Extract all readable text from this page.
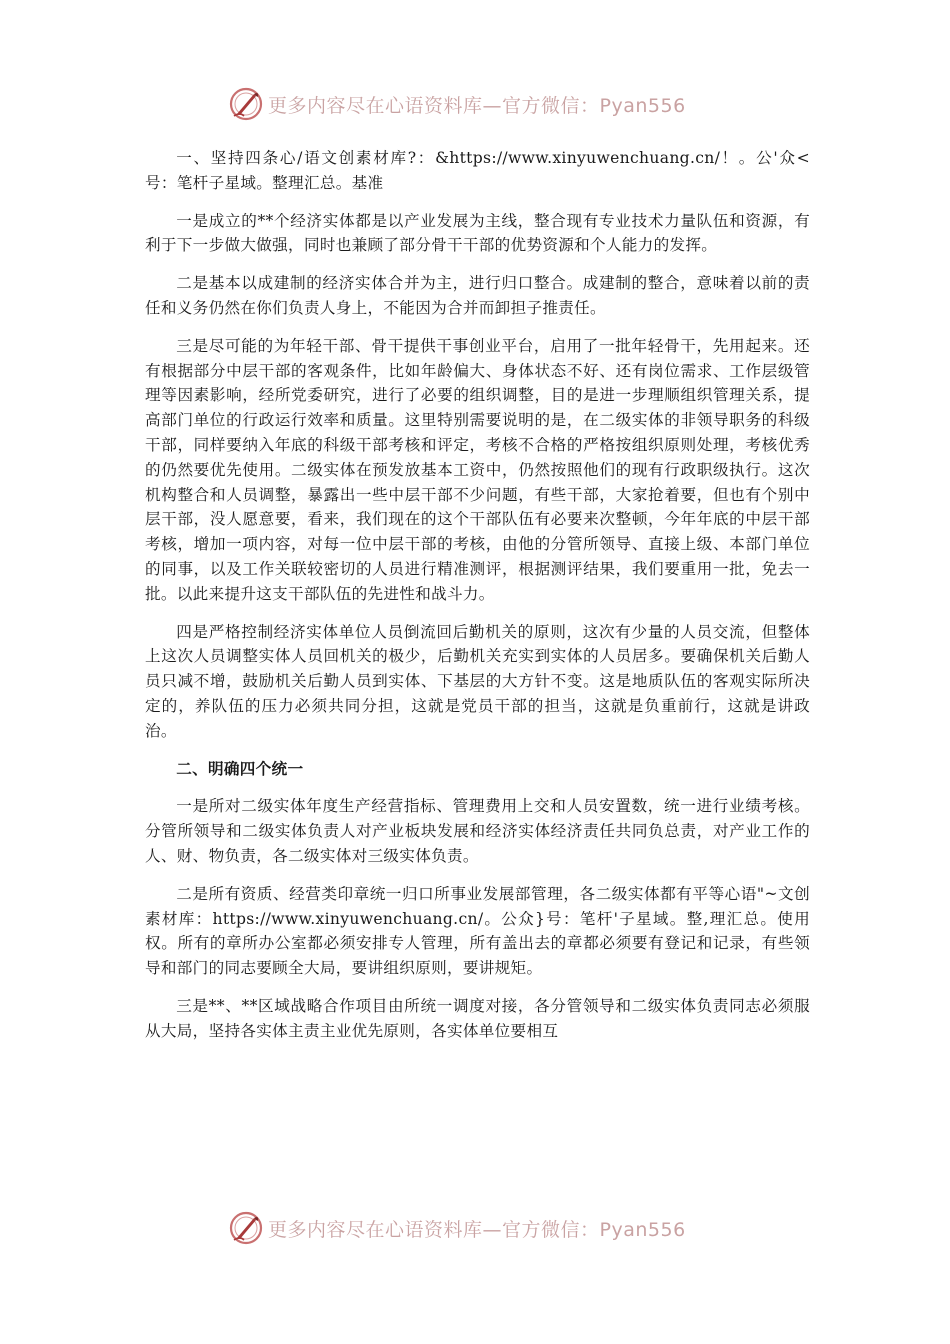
更多内容尽在心语资料库—官方微信：Pyan556

一、坚持四条心/语文创素材库?：&https://www.xinyuwenchuang.cn/！。公'众<号：笔杆子星域。整理汇总。基准

一是成立的**个经济实体都是以产业发展为主线，整合现有专业技术力量队伍和资源，有利于下一步做大做强，同时也兼顾了部分骨干干部的优势资源和个人能力的发挥。

二是基本以成建制的经济实体合并为主，进行归口整合。成建制的整合，意味着以前的责任和义务仍然在你们负责人身上，不能因为合并而卸担子推责任。

三是尽可能的为年轻干部、骨干提供干事创业平台，启用了一批年轻骨干，先用起来。还有根据部分中层干部的客观条件，比如年龄偏大、身体状态不好、还有岗位需求、工作层级管理等因素影响，经所党委研究，进行了必要的组织调整，目的是进一步理顺组织管理关系，提高部门单位的行政运行效率和质量。这里特别需要说明的是，在二级实体的非领导职务的科级干部，同样要纳入年底的科级干部考核和评定，考核不合格的严格按组织原则处理，考核优秀的仍然要优先使用。二级实体在预发放基本工资中，仍然按照他们的现有行政职级执行。这次机构整合和人员调整，暴露出一些中层干部不少问题，有些干部，大家抢着要，但也有个别中层干部，没人愿意要，看来，我们现在的这个干部队伍有必要来次整顿，今年年底的中层干部考核，增加一项内容，对每一位中层干部的考核，由他的分管所领导、直接上级、本部门单位的同事，以及工作关联较密切的人员进行精准测评，根据测评结果，我们要重用一批，免去一批。以此来提升这支干部队伍的先进性和战斗力。

四是严格控制经济实体单位人员倒流回后勤机关的原则，这次有少量的人员交流，但整体上这次人员调整实体人员回机关的极少，后勤机关充实到实体的人员居多。要确保机关后勤人员只减不增，鼓励机关后勤人员到实体、下基层的大方针不变。这是地质队伍的客观实际所决定的，养队伍的压力必须共同分担，这就是党员干部的担当，这就是负重前行，这就是讲政治。

二、明确四个统一

一是所对二级实体年度生产经营指标、管理费用上交和人员安置数，统一进行业绩考核。分管所领导和二级实体负责人对产业板块发展和经济实体经济责任共同负总责，对产业工作的人、财、物负责，各二级实体对三级实体负责。

二是所有资质、经营类印章统一归口所事业发展部管理，各二级实体都有平等心语"~文创素材库：https://www.xinyuwenchuang.cn/。公众}号：笔杆'子星域。整,理汇总。使用权。所有的章所办公室都必须安排专人管理，所有盖出去的章都必须要有登记和记录，有些领导和部门的同志要顾全大局，要讲组织原则，要讲规矩。

三是**、**区域战略合作项目由所统一调度对接，各分管领导和二级实体负责同志必须服从大局，坚持各实体主责主业优先原则，各实体单位要相互

更多内容尽在心语资料库—官方微信：Pyan556
